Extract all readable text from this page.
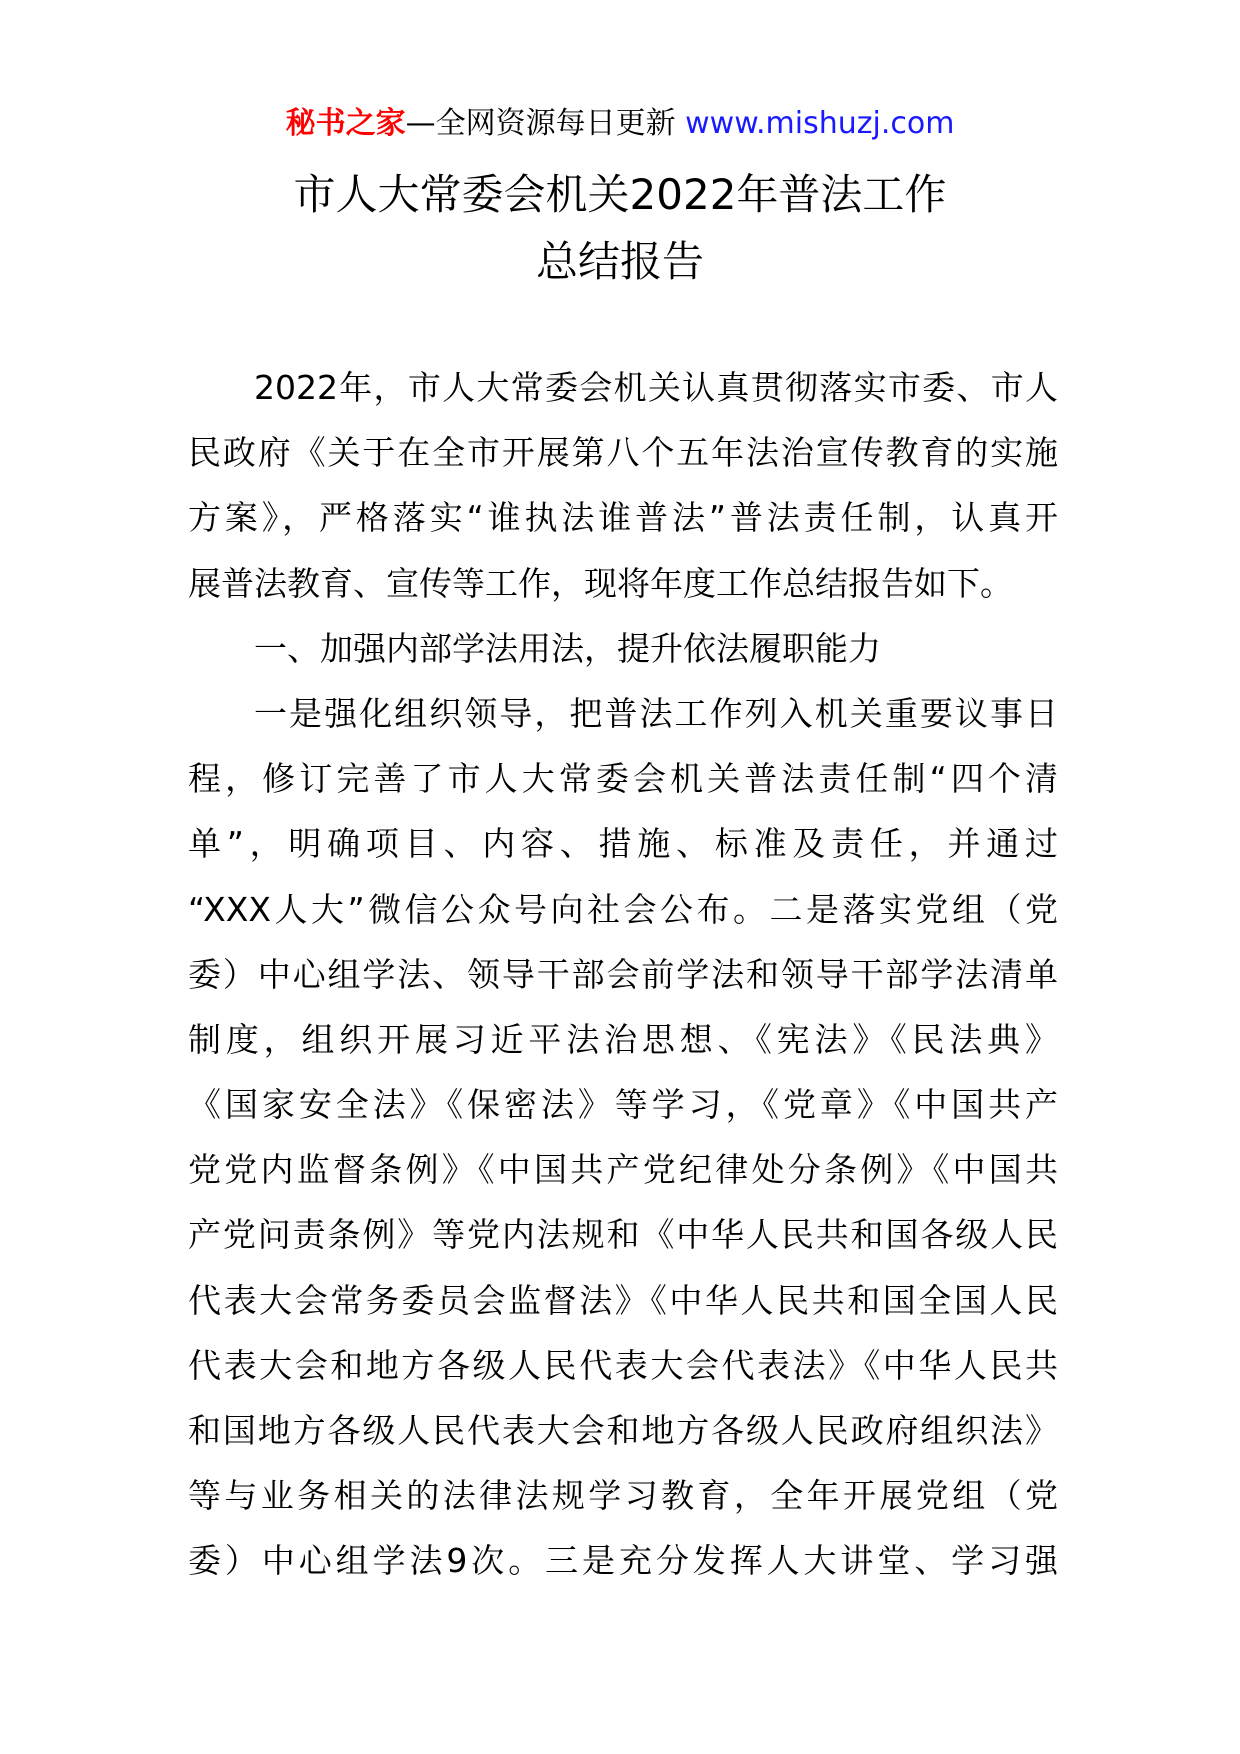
秘书之家—全网资源每日更新 www.mishuzj.com
市人大常委会机关2022年普法工作
总结报告
2022年，市人大常委会机关认真贯彻落实市委、市人
民政府《关于在全市开展第八个五年法治宣传教育的实施
方案》，严格落实“谁执法谁普法”普法责任制，认真开
展普法教育、宣传等工作，现将年度工作总结报告如下。
一、加强内部学法用法，提升依法履职能力
一是强化组织领导，把普法工作列入机关重要议事日
程，修订完善了市人大常委会机关普法责任制“四个清
单”，明确项目、内容、措施、标准及责任，并通过
“XXX人大”微信公众号向社会公布。二是落实党组（党
委）中心组学法、领导干部会前学法和领导干部学法清单
制度，组织开展习近平法治思想、《宪法》《民法典》
《国家安全法》《保密法》等学习，《党章》《中国共产
党党内监督条例》《中国共产党纪律处分条例》《中国共
产党问责条例》等党内法规和《中华人民共和国各级人民
代表大会常务委员会监督法》《中华人民共和国全国人民
代表大会和地方各级人民代表大会代表法》《中华人民共
和国地方各级人民代表大会和地方各级人民政府组织法》
等与业务相关的法律法规学习教育，全年开展党组（党
委）中心组学法9次。三是充分发挥人大讲堂、学习强
